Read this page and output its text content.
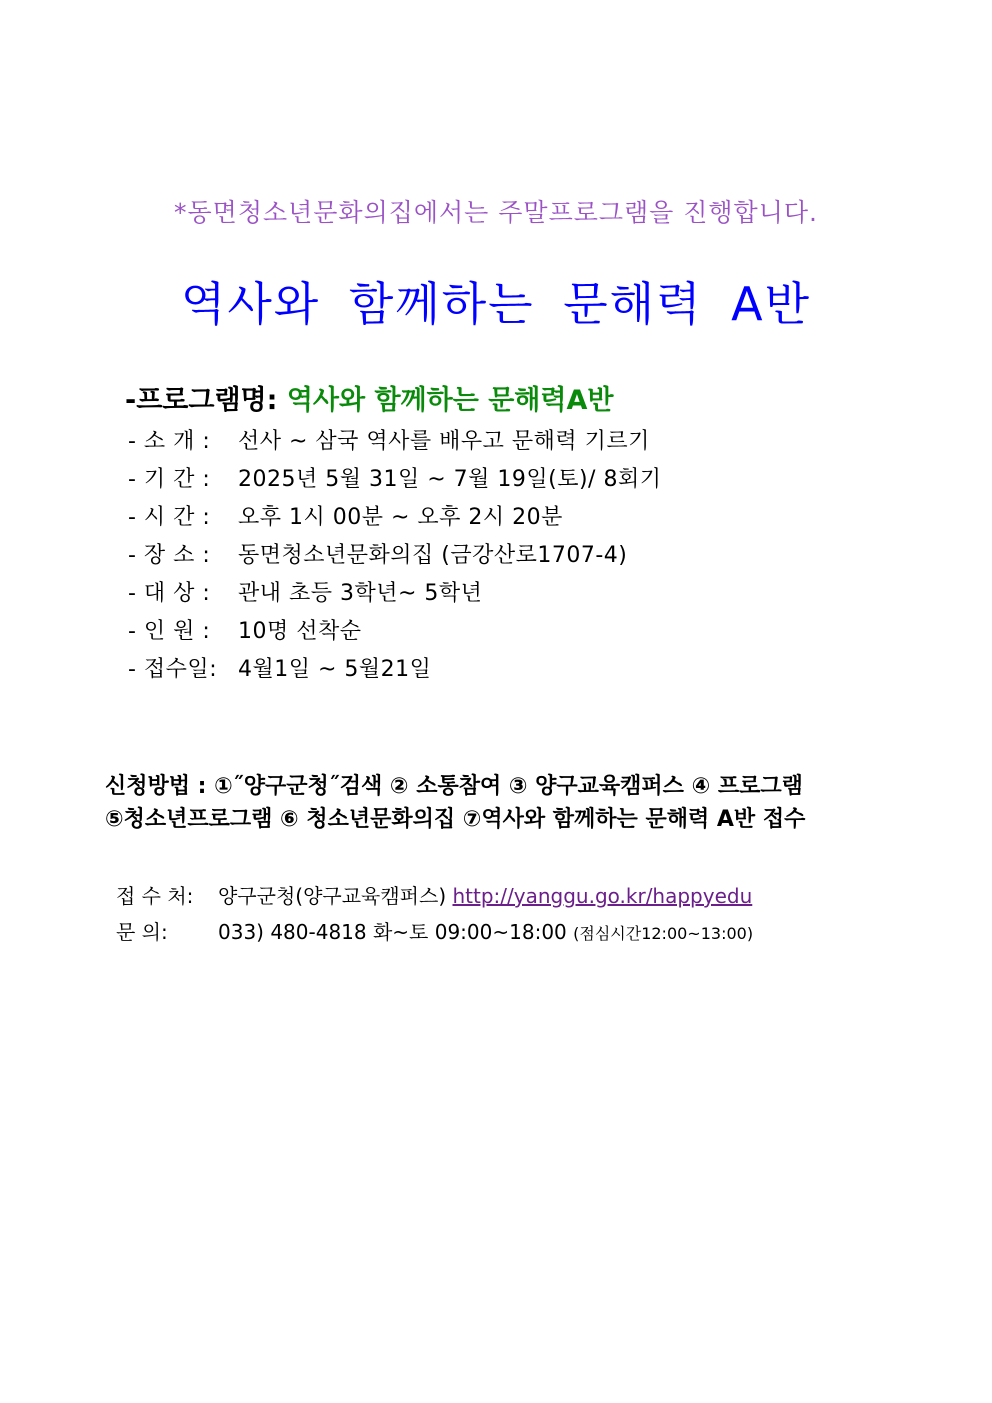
*동면청소년문화의집에서는 주말프로그램을 진행합니다.
역사와 함께하는 문해력 A반
-프로그램명: 역사와 함께하는 문해력A반
- 소 개 :선사 ~ 삼국 역사를 배우고 문해력 기르기
- 기 간 :2025년 5월 31일 ~ 7월 19일(토)/ 8회기
- 시 간 :오후 1시 00분 ~ 오후 2시 20분
- 장 소 :동면청소년문화의집 (금강산로1707-4)
- 대 상 :관내 초등 3학년~ 5학년
- 인 원 :10명 선착순
- 접수일:4월1일 ~ 5월21일
신청방법 : ①˝양구군청˝검색 ② 소통참여 ③ 양구교육캠퍼스 ④ 프로그램
⑤청소년프로그램 ⑥ 청소년문화의집 ⑦역사와 함께하는 문해력 A반 접수
접 수 처:양구군청(양구교육캠퍼스) http://yanggu.go.kr/happyedu
문 의:	033) 480-4818 화~토 09:00~18:00 (점심시간12:00~13:00)
